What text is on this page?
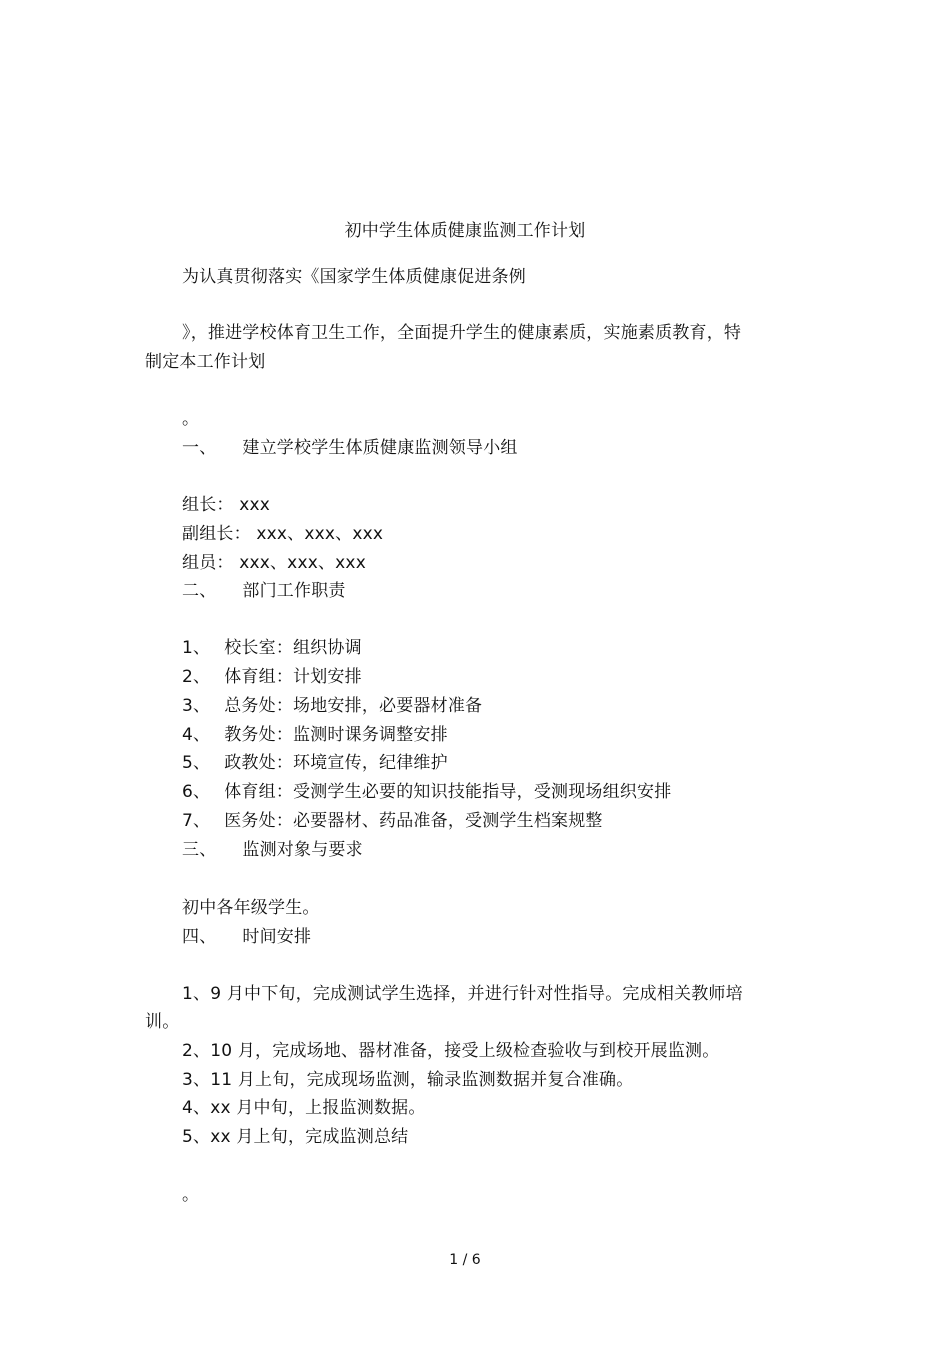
初中学生体质健康监测工作计划
为认真贯彻落实《国家学生体质健康促进条例
》，推进学校体育卫生工作，全面提升学生的健康素质，实施素质教育，特
制定本工作计划
。
一、 建立学校学生体质健康监测领导小组
组长： xxx
副组长： xxx、xxx、xxx
组员： xxx、xxx、xxx
二、 部门工作职责
1、 校长室：组织协调
2、 体育组：计划安排
3、 总务处：场地安排，必要器材准备
4、 教务处：监测时课务调整安排
5、 政教处：环境宣传，纪律维护
6、 体育组：受测学生必要的知识技能指导，受测现场组织安排
7、 医务处：必要器材、药品准备，受测学生档案规整
三、 监测对象与要求
初中各年级学生。
四、 时间安排
1、9 月中下旬，完成测试学生选择，并进行针对性指导。完成相关教师培
训。
2、10 月，完成场地、器材准备，接受上级检查验收与到校开展监测。
3、11 月上旬，完成现场监测，输录监测数据并复合准确。
4、xx 月中旬，上报监测数据。
5、xx 月上旬，完成监测总结
。
1 / 6
